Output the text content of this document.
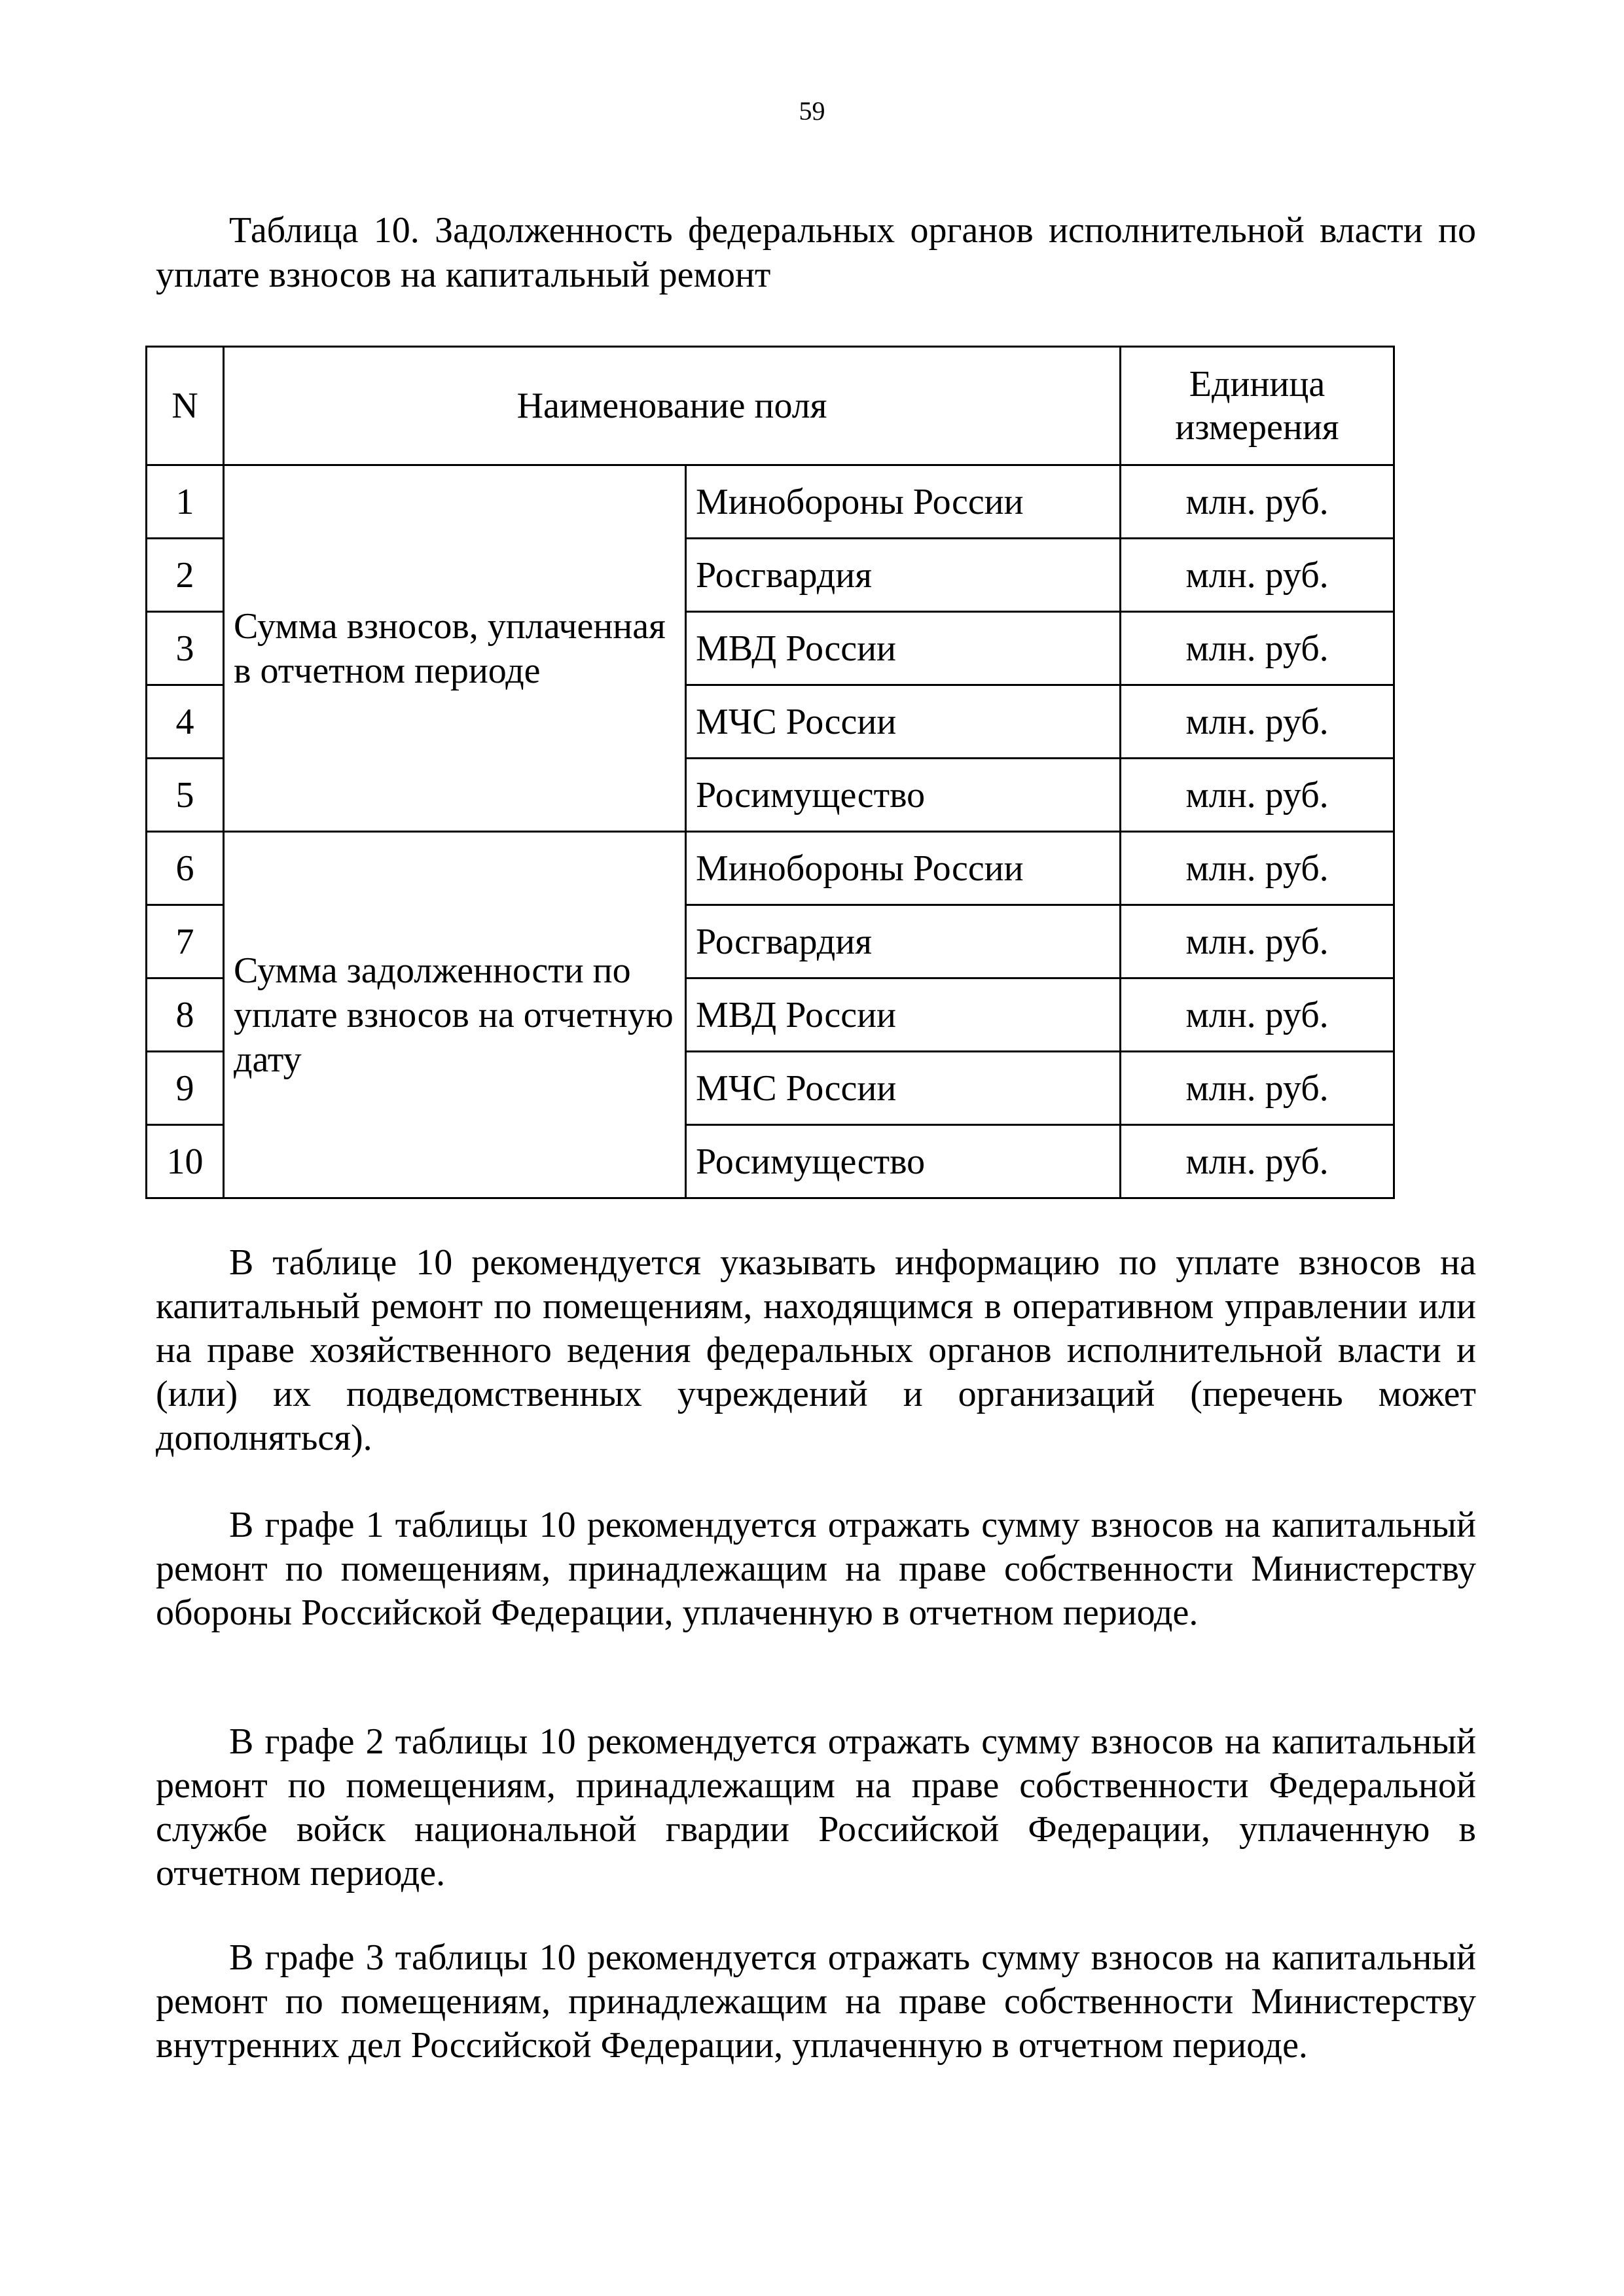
59
Таблица 10. Задолженность федеральных органов исполнительной власти по уплате взносов на капитальный ремонт
N	Наименование поля		Единица измерения
1	Сумма взносов, уплаченная в отчетном периоде	Минобороны России	млн. руб.
2		Росгвардия	млн. руб.
3		МВД России	млн. руб.
4		МЧС России	млн. руб.
5		Росимущество	млн. руб.
6	Сумма задолженности по уплате взносов на отчетную дату	Минобороны России	млн. руб.
7		Росгвардия	млн. руб.
8		МВД России	млн. руб.
9		МЧС России	млн. руб.
10		Росимущество	млн. руб.

В таблице 10 рекомендуется указывать информацию по уплате взносов на капитальный ремонт по помещениям, находящимся в оперативном управлении или на праве хозяйственного ведения федеральных органов исполнительной власти и (или) их подведомственных учреждений и организаций (перечень может дополняться).

В графе 1 таблицы 10 рекомендуется отражать сумму взносов на капитальный ремонт по помещениям, принадлежащим на праве собственности Министерству обороны Российской Федерации, уплаченную в отчетном периоде.

В графе 2 таблицы 10 рекомендуется отражать сумму взносов на капитальный ремонт по помещениям, принадлежащим на праве собственности Федеральной службе войск национальной гвардии Российской Федерации, уплаченную в отчетном периоде.

В графе 3 таблицы 10 рекомендуется отражать сумму взносов на капитальный ремонт по помещениям, принадлежащим на праве собственности Министерству внутренних дел Российской Федерации, уплаченную в отчетном периоде.
